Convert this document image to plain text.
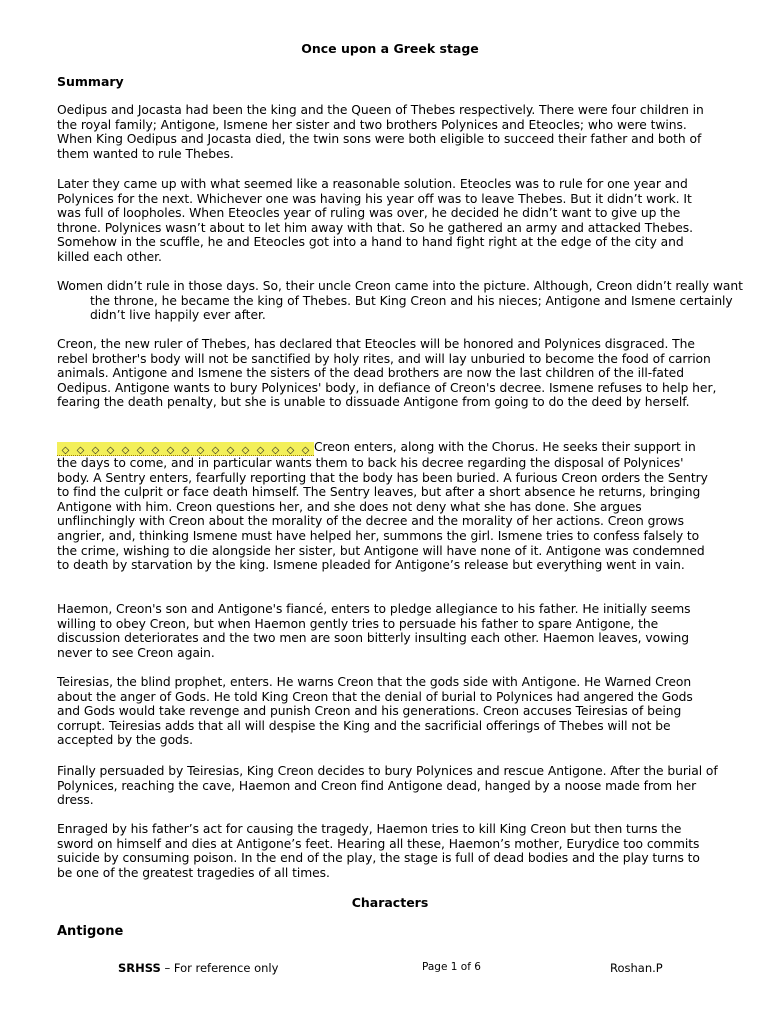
Once upon a Greek stage
Summary

Oedipus and Jocasta had been the king and the Queen of Thebes respectively. There were four children in the royal family; Antigone, Ismene her sister and two brothers Polynices and Eteocles; who were twins. When King Oedipus and Jocasta died, the twin sons were both eligible to succeed their father and both of them wanted to rule Thebes.

Later they came up with what seemed like a reasonable solution. Eteocles was to rule for one year and Polynices for the next. Whichever one was having his year off was to leave Thebes. But it didn’t work. It was full of loopholes. When Eteocles year of ruling was over, he decided he didn’t want to give up the throne. Polynices wasn’t about to let him away with that. So he gathered an army and attacked Thebes. Somehow in the scuffle, he and Eteocles got into a hand to hand fight right at the edge of the city and killed each other.

Women didn’t rule in those days. So, their uncle Creon came into the picture. Although, Creon didn’t really want the throne, he became the king of Thebes. But King Creon and his nieces; Antigone and Ismene certainly didn’t live happily ever after.

Creon, the new ruler of Thebes, has declared that Eteocles will be honored and Polynices disgraced. The rebel brother's body will not be sanctified by holy rites, and will lay unburied to become the food of carrion animals. Antigone and Ismene the sisters of the dead brothers are now the last children of the ill-fated Oedipus. Antigone wants to bury Polynices' body, in defiance of Creon's decree. Ismene refuses to help her, fearing the death penalty, but she is unable to dissuade Antigone from going to do the deed by herself.

◇ ◇ ◇ ◇ ◇ ◇ ◇ ◇ ◇ ◇ ◇ ◇ ◇ ◇ ◇ ◇ ◇ Creon enters, along with the Chorus. He seeks their support in the days to come, and in particular wants them to back his decree regarding the disposal of Polynices' body. A Sentry enters, fearfully reporting that the body has been buried. A furious Creon orders the Sentry to find the culprit or face death himself. The Sentry leaves, but after a short absence he returns, bringing Antigone with him. Creon questions her, and she does not deny what she has done. She argues unflinchingly with Creon about the morality of the decree and the morality of her actions. Creon grows angrier, and, thinking Ismene must have helped her, summons the girl. Ismene tries to confess falsely to the crime, wishing to die alongside her sister, but Antigone will have none of it. Antigone was condemned to death by starvation by the king. Ismene pleaded for Antigone’s release but everything went in vain.

Haemon, Creon's son and Antigone's fiancé, enters to pledge allegiance to his father. He initially seems willing to obey Creon, but when Haemon gently tries to persuade his father to spare Antigone, the discussion deteriorates and the two men are soon bitterly insulting each other. Haemon leaves, vowing never to see Creon again.

Teiresias, the blind prophet, enters. He warns Creon that the gods side with Antigone. He Warned Creon about the anger of Gods. He told King Creon that the denial of burial to Polynices had angered the Gods and Gods would take revenge and punish Creon and his generations. Creon accuses Teiresias of being corrupt. Teiresias adds that all will despise the King and the sacrificial offerings of Thebes will not be accepted by the gods.

Finally persuaded by Teiresias, King Creon decides to bury Polynices and rescue Antigone. After the burial of Polynices, reaching the cave, Haemon and Creon find Antigone dead, hanged by a noose made from her dress.

Enraged by his father’s act for causing the tragedy, Haemon tries to kill King Creon but then turns the sword on himself and dies at Antigone’s feet. Hearing all these, Haemon’s mother, Eurydice too commits suicide by consuming poison. In the end of the play, the stage is full of dead bodies and the play turns to be one of the greatest tragedies of all times.

Characters
Antigone
SRHSS – For reference only	Page 1 of 6	Roshan.P
